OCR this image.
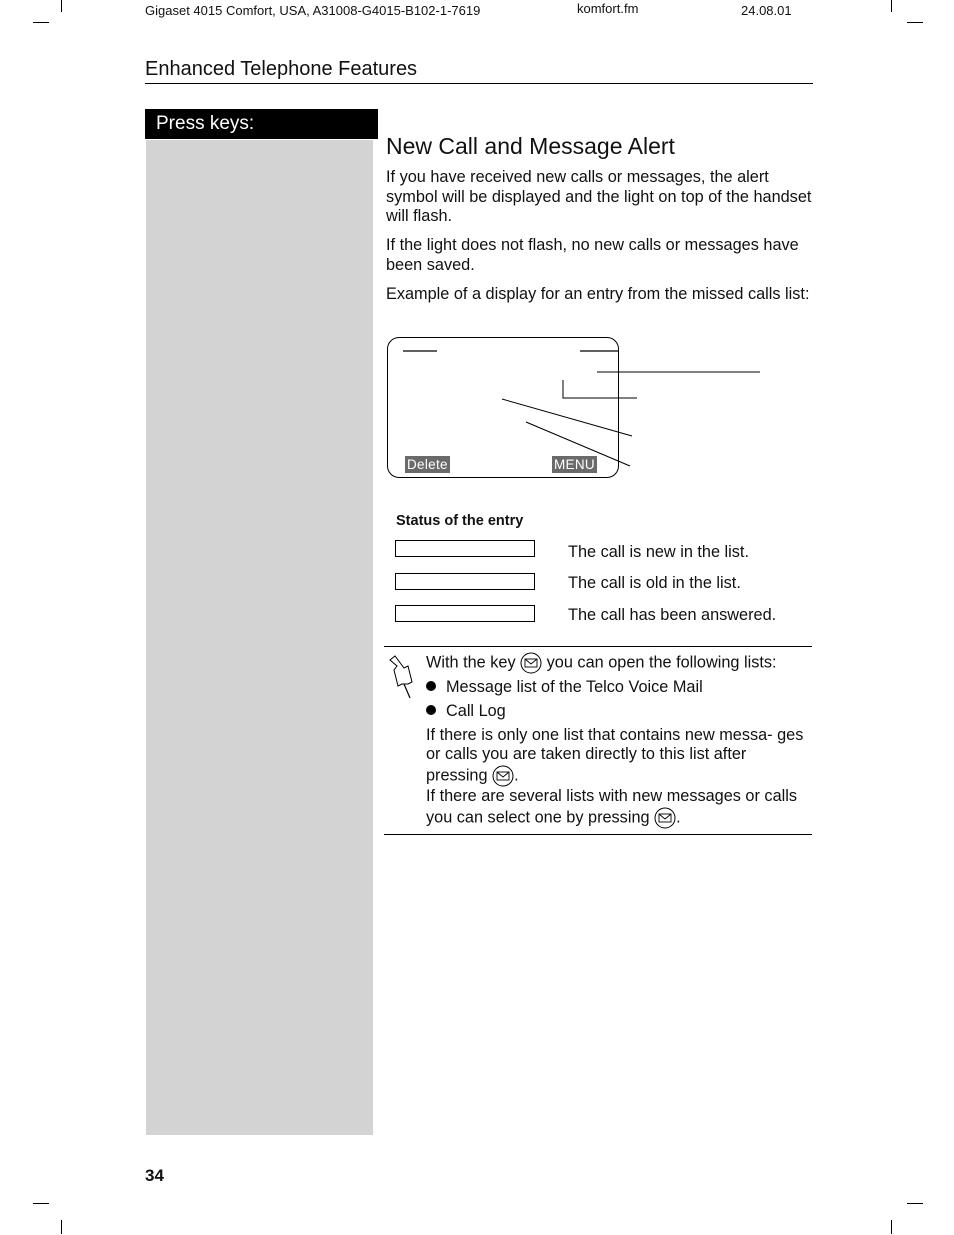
Gigaset 4015 Comfort, USA, A31008-G4015-B102-1-7619	komfort.fm	24.08.01
Enhanced Telephone Features
Press keys:
New Call and Message Alert
If you have received new calls or messages, the alert symbol will be displayed and the light on top of the handset will flash.
If the light does not flash, no new calls or messages have been saved.
Example of a display for an entry from the missed calls list:
Delete	MENU
Status of the entry
The call is new in the list.
The call is old in the list.
The call has been answered.
With the key you can open the following lists:
Message list of the Telco Voice Mail
Call Log
If there is only one list that contains new messa- ges or calls you are taken directly to this list after pressing .
If there are several lists with new messages or calls you can select one by pressing .
34
